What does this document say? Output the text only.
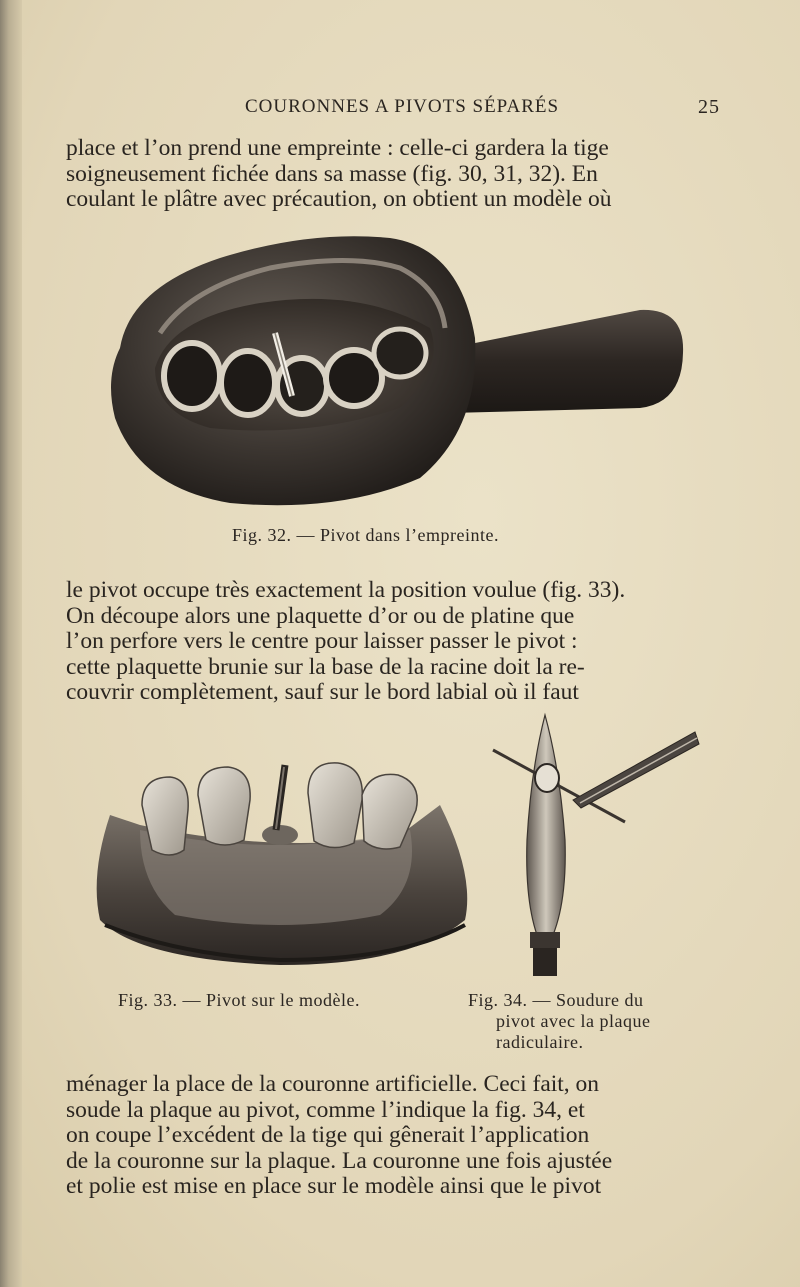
COURONNES A PIVOTS SÉPARÉS	25
place et l’on prend une empreinte : celle-ci gardera la tige
soigneusement fichée dans sa masse (fig. 30, 31, 32). En
coulant le plâtre avec précaution, on obtient un modèle où
Fig. 32. — Pivot dans l’empreinte.
le pivot occupe très exactement la position voulue (fig. 33).
On découpe alors une plaquette d’or ou de platine que
l’on perfore vers le centre pour laisser passer le pivot :
cette plaquette brunie sur la base de la racine doit la re-
couvrir complètement, sauf sur le bord labial où il faut
Fig. 33. — Pivot sur le modèle.	Fig. 34. — Soudure du
pivot avec la plaque
radiculaire.
ménager la place de la couronne artificielle. Ceci fait, on
soude la plaque au pivot, comme l’indique la fig. 34, et
on coupe l’excédent de la tige qui gênerait l’application
de la couronne sur la plaque. La couronne une fois ajustée
et polie est mise en place sur le modèle ainsi que le pivot
